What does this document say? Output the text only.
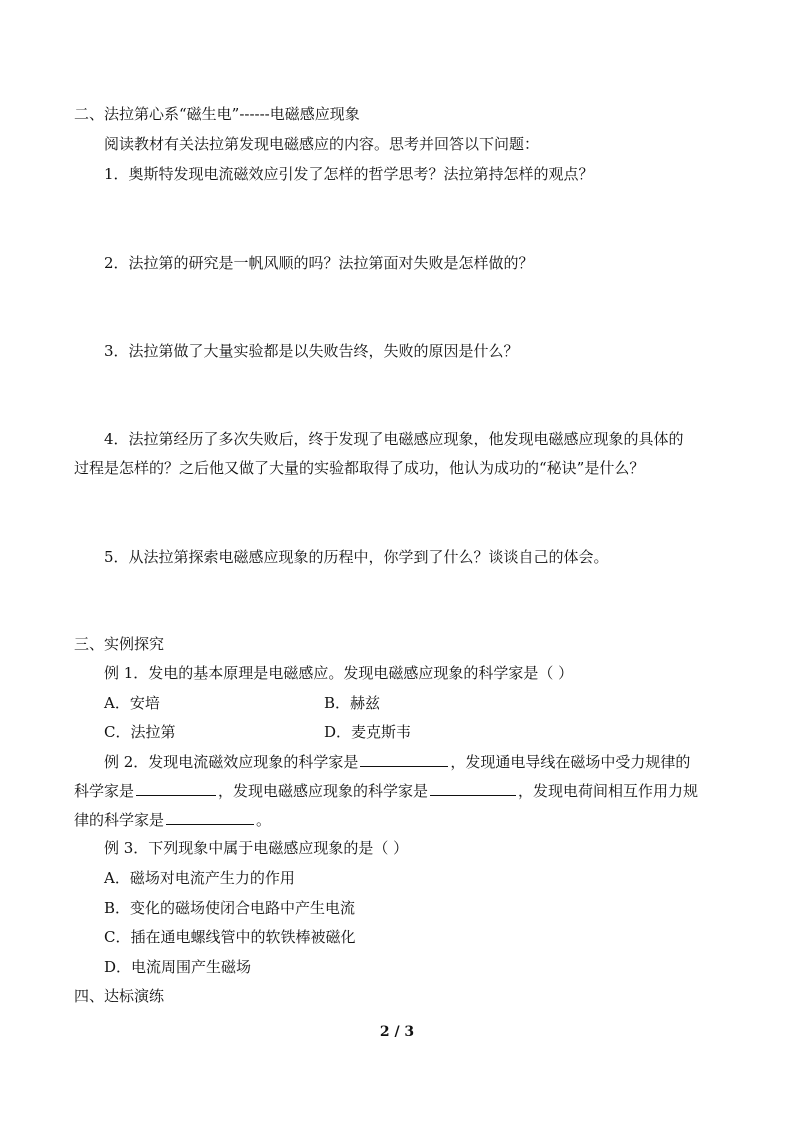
二、法拉第心系“磁生电”------电磁感应现象
阅读教材有关法拉第发现电磁感应的内容。思考并回答以下问题：
1．奥斯特发现电流磁效应引发了怎样的哲学思考？法拉第持怎样的观点？
2．法拉第的研究是一帆风顺的吗？法拉第面对失败是怎样做的？
3．法拉第做了大量实验都是以失败告终，失败的原因是什么？
4．法拉第经历了多次失败后，终于发现了电磁感应现象，他发现电磁感应现象的具体的
过程是怎样的？之后他又做了大量的实验都取得了成功，他认为成功的“秘诀”是什么？
5．从法拉第探索电磁感应现象的历程中，你学到了什么？谈谈自己的体会。
三、实例探究
例 1．发电的基本原理是电磁感应。发现电磁感应现象的科学家是（ ）
A．安培	B．赫兹
C．法拉第	D．麦克斯韦
例 2．发现电流磁效应现象的科学家是	，发现通电导线在磁场中受力规律的
科学家是	，发现电磁感应现象的科学家是	，发现电荷间相互作用力规
律的科学家是	。
例 3．下列现象中属于电磁感应现象的是（ ）
A．磁场对电流产生力的作用
B．变化的磁场使闭合电路中产生电流
C．插在通电螺线管中的软铁棒被磁化
D．电流周围产生磁场
四、达标演练
2 / 3
